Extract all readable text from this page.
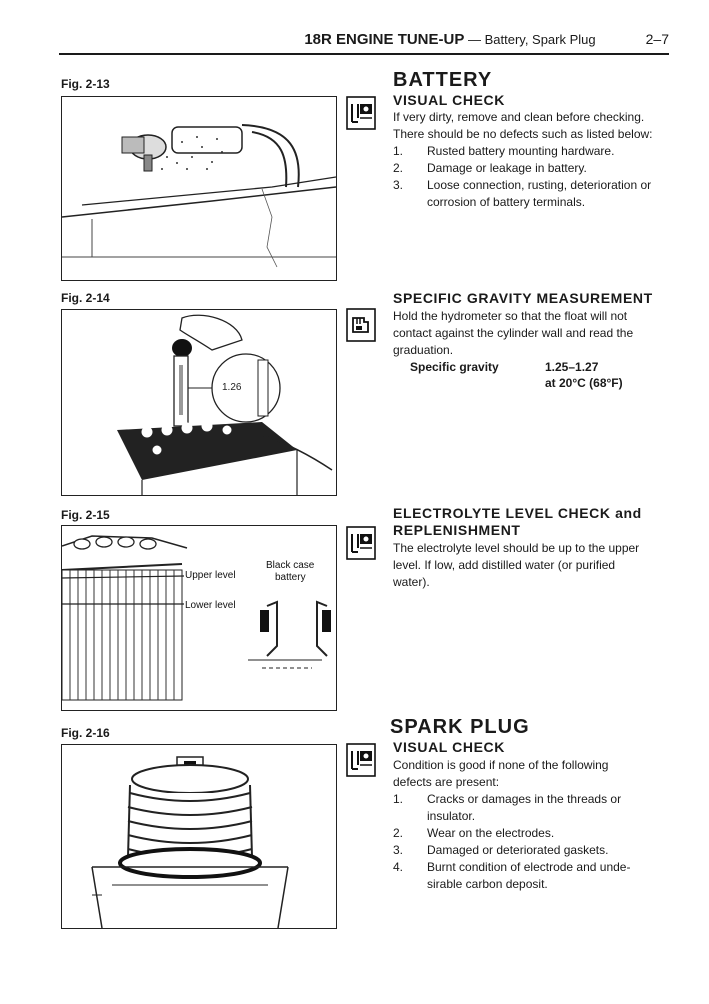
18R ENGINE TUNE-UP — Battery, Spark Plug	2–7
Fig. 2-13
Fig. 2-14
1.26
Fig. 2-15
Upper level
Lower level
Black case
battery
Fig. 2-16
BATTERY
VISUAL CHECK
If very dirty, remove and clean before checking.
There should be no defects such as listed below:
1.	Rusted battery mounting hardware.
2.	Damage or leakage in battery.
3.	Loose connection, rusting, deterioration or
corrosion of battery terminals.
SPECIFIC GRAVITY MEASUREMENT
Hold the hydrometer so that the float will not
contact against the cylinder wall and read the
graduation.
Specific gravity	1.25–1.27
at 20°C (68°F)
ELECTROLYTE LEVEL CHECK and
REPLENISHMENT
The electrolyte level should be up to the upper
level. If low, add distilled water (or purified
water).
SPARK PLUG
VISUAL CHECK
Condition is good if none of the following
defects are present:
1.	Cracks or damages in the threads or
insulator.
2.	Wear on the electrodes.
3.	Damaged or deteriorated gaskets.
4.	Burnt condition of electrode and unde-
sirable carbon deposit.
